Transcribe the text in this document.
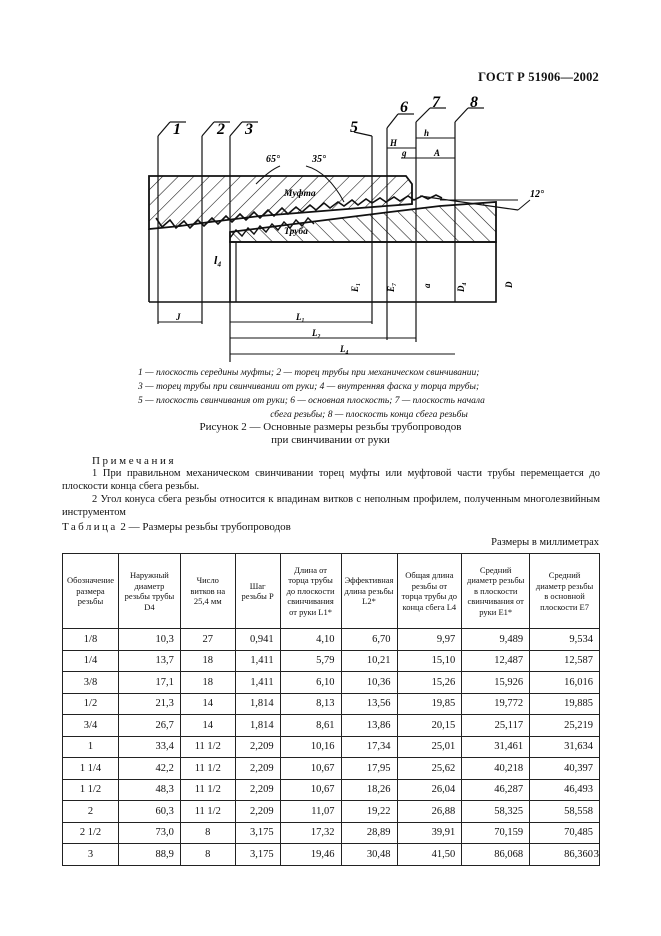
ГОСТ Р 51906—2002
1 2 3
l₄
5
6 7 8
65°	35°
12°
Муфта
Труба
H
h
g	A
E₁	E₇	a	D₄	D
J	L₁
L₂
L₄
1 — плоскость середины муфты; 2 — торец трубы при механическом свинчивании;
3 — торец трубы при свинчивании от руки; 4 — внутренняя фаска у торца трубы;
5 — плоскость свинчивания от руки; 6 — основная плоскость; 7 — плоскость начала
сбега резьбы; 8 — плоскость конца сбега резьбы
Рисунок 2 — Основные размеры резьбы трубопроводов
при свинчивании от руки
Примечания
1 При правильном механическом свинчивании торец муфты или муфтовой части трубы перемещается до плоскости конца сбега резьбы.
2 Угол конуса сбега резьбы относится к впадинам витков с неполным профилем, полученным многолезвийным инструментом
Таблица 2 — Размеры резьбы трубопроводов
Размеры в миллиметрах
Обозначение размера резьбы	Наружный диаметр резьбы трубы D4	Число витков на 25,4 мм	Шаг резьбы P	Длина от торца трубы до плоскости свинчивания от руки L1*	Эффективная длина резьбы L2*	Общая длина резьбы от торца трубы до конца сбега L4	Средний диаметр резьбы в плоскости свинчивания от руки E1*	Средний диаметр резьбы в основной плоскости E7
1/8	10,3	27	0,941	4,10	6,70	9,97	9,489	9,534
1/4	13,7	18	1,411	5,79	10,21	15,10	12,487	12,587
3/8	17,1	18	1,411	6,10	10,36	15,26	15,926	16,016
1/2	21,3	14	1,814	8,13	13,56	19,85	19,772	19,885
3/4	26,7	14	1,814	8,61	13,86	20,15	25,117	25,219
1	33,4	11 1/2	2,209	10,16	17,34	25,01	31,461	31,634
1 1/4	42,2	11 1/2	2,209	10,67	17,95	25,62	40,218	40,397
1 1/2	48,3	11 1/2	2,209	10,67	18,26	26,04	46,287	46,493
2	60,3	11 1/2	2,209	11,07	19,22	26,88	58,325	58,558
2 1/2	73,0	8	3,175	17,32	28,89	39,91	70,159	70,485
3	88,9	8	3,175	19,46	30,48	41,50	86,068	86,360 3
